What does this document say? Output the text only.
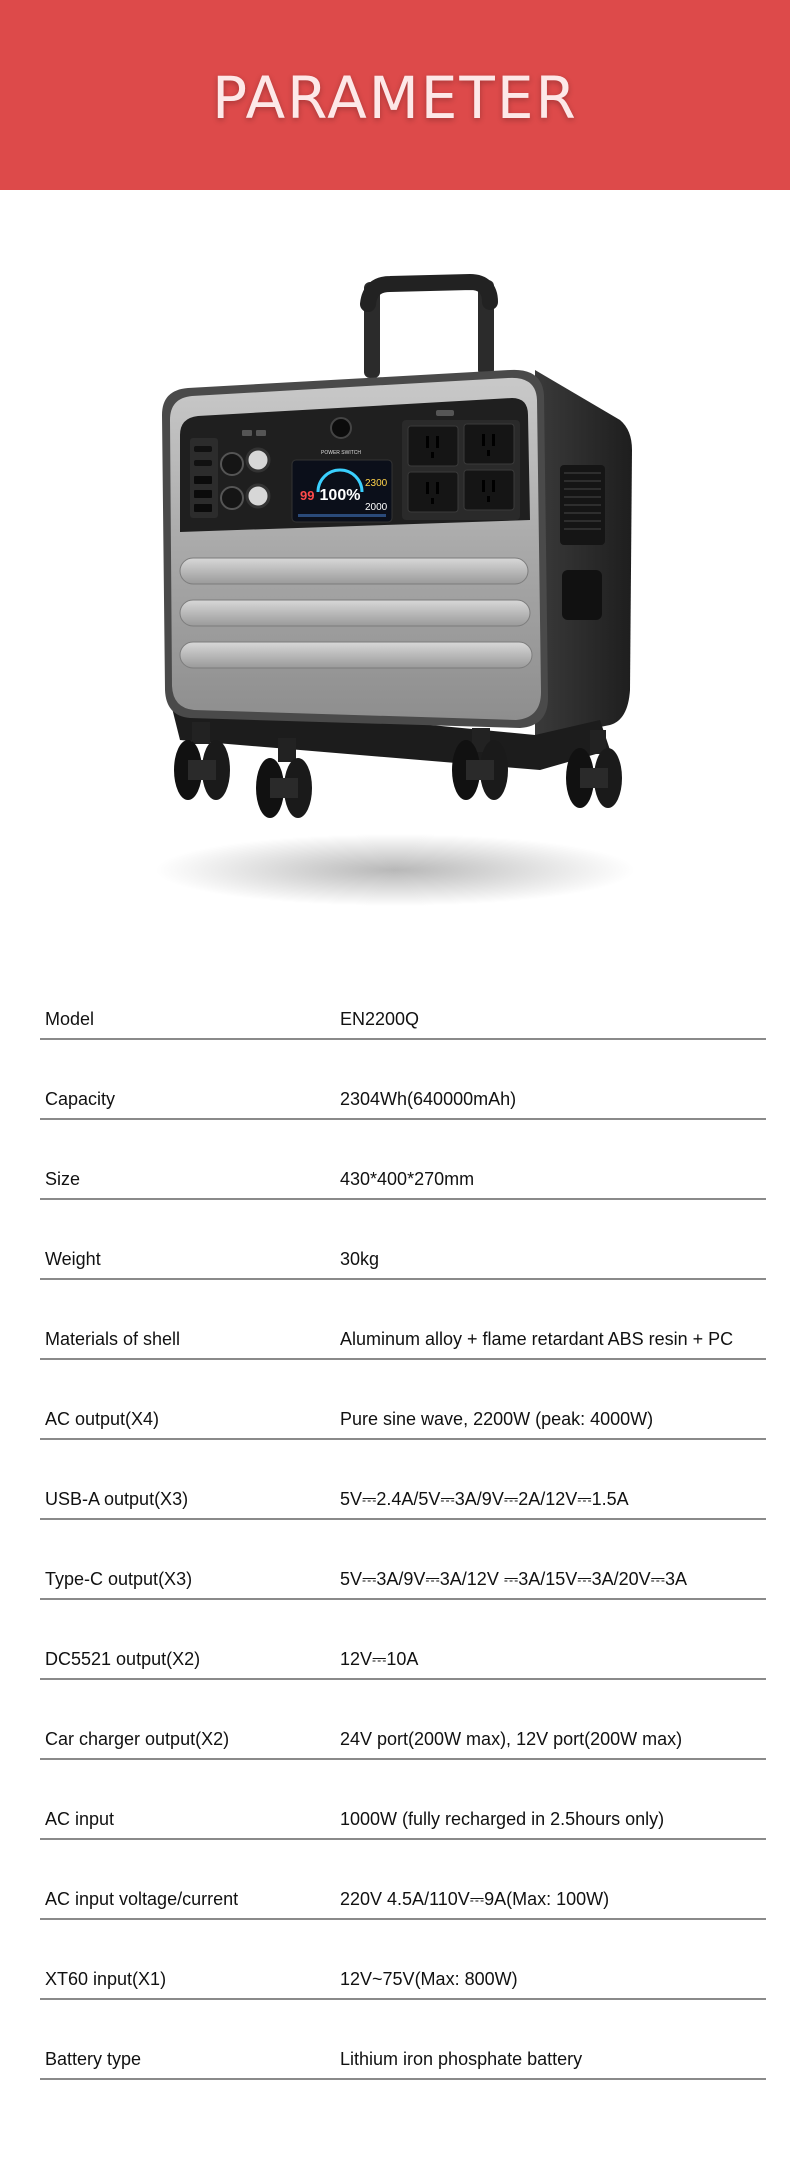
PARAMETER
POWER SWITCH
100%
99
2300
2000
Model	EN2200Q
Capacity	2304Wh(640000mAh)
Size	430*400*270mm
Weight	30kg
Materials of shell	Aluminum alloy + flame retardant ABS resin + PC
AC output(X4)	Pure sine wave, 2200W (peak: 4000W)
USB-A output(X3)	5V⎓2.4A/5V⎓3A/9V⎓2A/12V⎓1.5A
Type-C output(X3)	5V⎓3A/9V⎓3A/12V ⎓3A/15V⎓3A/20V⎓3A
DC5521 output(X2)	12V⎓10A
Car charger output(X2)	24V port(200W max), 12V port(200W max)
AC input	1000W (fully recharged in 2.5hours only)
AC input voltage/current	220V 4.5A/110V⎓9A(Max: 100W)
XT60 input(X1)	12V~75V(Max: 800W)
Battery type	Lithium iron phosphate battery
